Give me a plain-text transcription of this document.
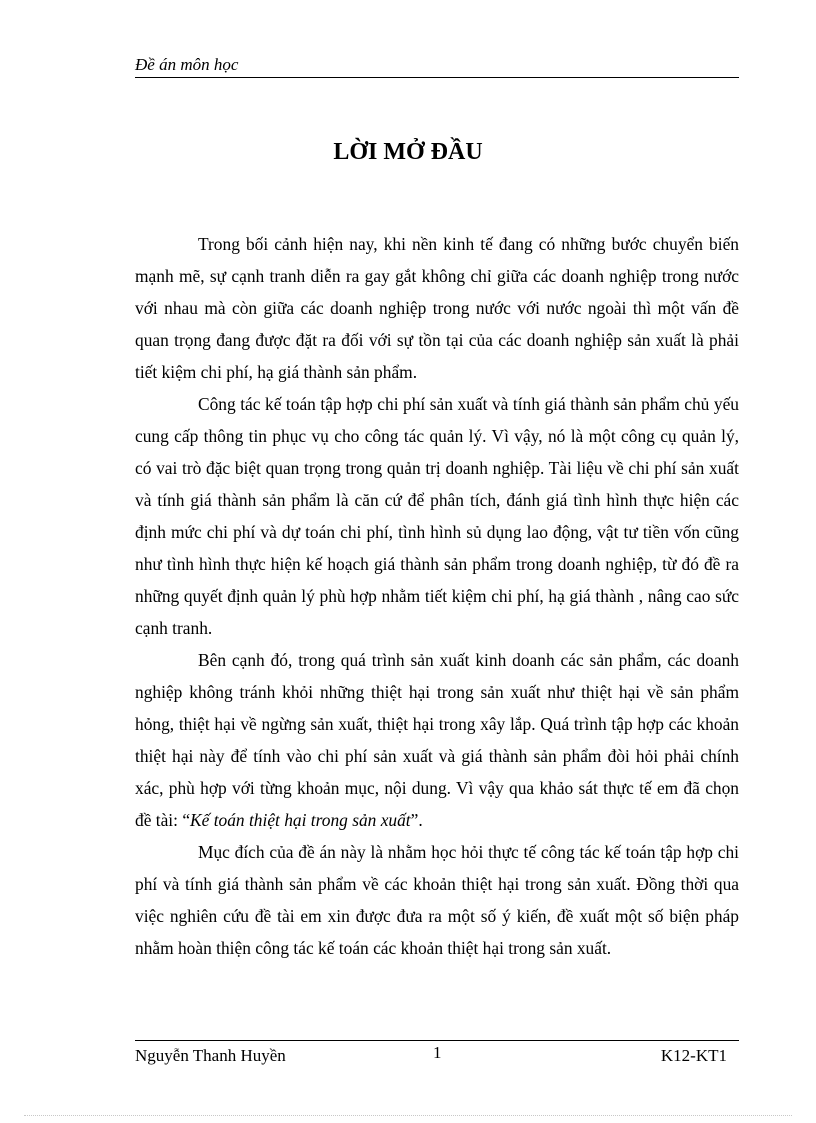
Đề án môn học
LỜI MỞ ĐẦU

Trong bối cảnh hiện nay, khi nền kinh tế đang có những bước chuyển biến mạnh mẽ, sự cạnh tranh diễn ra gay gắt không chỉ giữa các doanh nghiệp trong nước với nhau mà còn giữa các doanh nghiệp trong nước với nước ngoài thì một vấn đề quan trọng đang được đặt ra đối với sự tồn tại của các doanh nghiệp sản xuất là phải tiết kiệm chi phí, hạ giá thành sản phẩm.

Công tác kế toán tập hợp chi phí sản xuất và tính giá thành sản phẩm chủ yếu cung cấp thông tin phục vụ cho công tác quản lý. Vì vậy, nó là một công cụ quản lý, có vai trò đặc biệt quan trọng trong quản trị doanh nghiệp. Tài liệu về chi phí sản xuất và tính giá thành sản phẩm là căn cứ để phân tích, đánh giá tình hình thực hiện các định mức chi phí và dự toán chi phí, tình hình sủ dụng lao động, vật tư tiền vốn cũng như tình hình thực hiện kế hoạch giá thành sản phẩm trong doanh nghiệp, từ đó đề ra những quyết định quản lý phù hợp nhằm tiết kiệm chi phí, hạ giá thành , nâng cao sức cạnh tranh.

Bên cạnh đó, trong quá trình sản xuất kinh doanh các sản phẩm, các doanh nghiệp không tránh khỏi những thiệt hại trong sản xuất như thiệt hại về sản phẩm hỏng, thiệt hại về ngừng sản xuất, thiệt hại trong xây lắp. Quá trình tập hợp các khoản thiệt hại này để tính vào chi phí sản xuất và giá thành sản phẩm đòi hỏi phải chính xác, phù hợp với từng khoản mục, nội dung. Vì vậy qua khảo sát thực tế em đã chọn đề tài: “Kế toán thiệt hại trong sản xuất”.

Mục đích của đề án này là nhằm học hỏi thực tế công tác kế toán tập hợp chi phí và tính giá thành sản phẩm về các khoản thiệt hại trong sản xuất. Đồng thời qua việc nghiên cứu đề tài em xin được đưa ra một số ý kiến, đề xuất một số biện pháp nhằm hoàn thiện công tác kế toán các khoản thiệt hại trong sản xuất.

Nguyễn Thanh Huyền	1	K12-KT1
